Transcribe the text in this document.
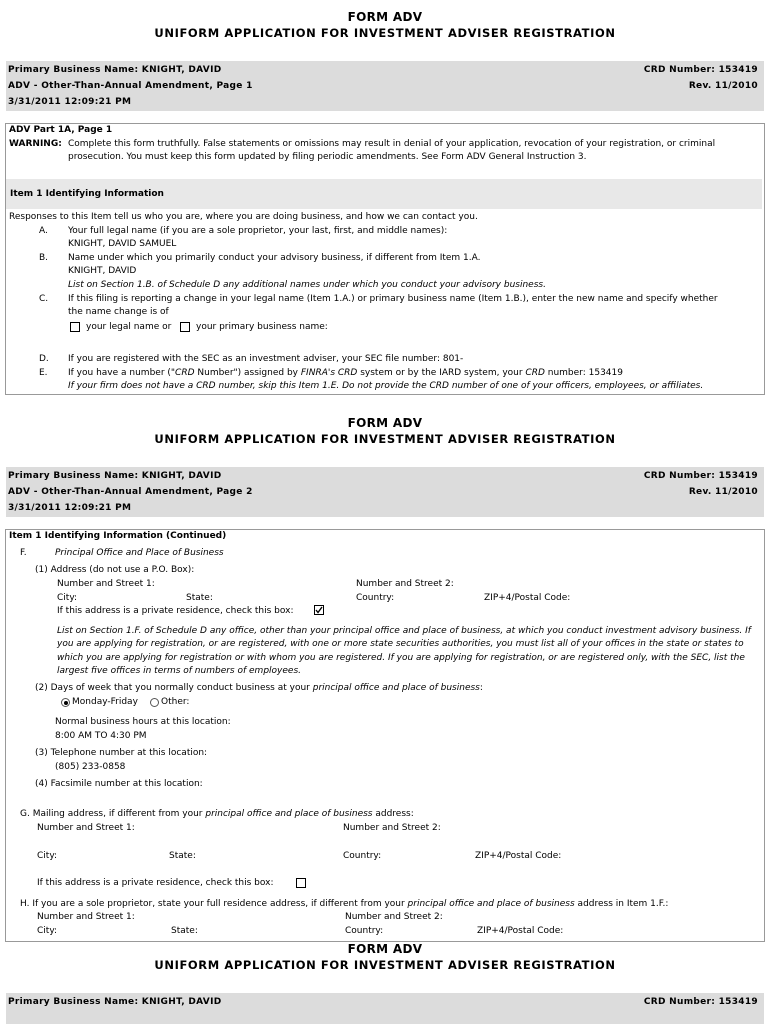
FORM ADV
UNIFORM APPLICATION FOR INVESTMENT ADVISER REGISTRATION
Primary Business Name: KNIGHT, DAVID	CRD Number: 153419
ADV - Other-Than-Annual Amendment, Page 1	Rev. 11/2010
3/31/2011 12:09:21 PM
ADV Part 1A, Page 1
WARNING: Complete this form truthfully. False statements or omissions may result in denial of your application, revocation of your registration, or criminal
prosecution. You must keep this form updated by filing periodic amendments. See Form ADV General Instruction 3.
Item 1 Identifying Information
Responses to this Item tell us who you are, where you are doing business, and how we can contact you.
A. Your full legal name (if you are a sole proprietor, your last, first, and middle names):
KNIGHT, DAVID SAMUEL
B. Name under which you primarily conduct your advisory business, if different from Item 1.A.
KNIGHT, DAVID
List on Section 1.B. of Schedule D any additional names under which you conduct your advisory business.
C. If this filing is reporting a change in your legal name (Item 1.A.) or primary business name (Item 1.B.), enter the new name and specify whether
the name change is of
your legal name or	your primary business name:
D. If you are registered with the SEC as an investment adviser, your SEC file number: 801-
E. If you have a number ("CRD Number") assigned by FINRA's CRD system or by the IARD system, your CRD number: 153419
If your firm does not have a CRD number, skip this Item 1.E. Do not provide the CRD number of one of your officers, employees, or affiliates.
FORM ADV
UNIFORM APPLICATION FOR INVESTMENT ADVISER REGISTRATION
Primary Business Name: KNIGHT, DAVID	CRD Number: 153419
ADV - Other-Than-Annual Amendment, Page 2	Rev. 11/2010
3/31/2011 12:09:21 PM
Item 1 Identifying Information (Continued)
F.	Principal Office and Place of Business
(1) Address (do not use a P.O. Box):
Number and Street 1:	Number and Street 2:
City:	State:	Country:	ZIP+4/Postal Code:
If this address is a private residence, check this box:
List on Section 1.F. of Schedule D any office, other than your principal office and place of business, at which you conduct investment advisory business. If
you are applying for registration, or are registered, with one or more state securities authorities, you must list all of your offices in the state or states to
which you are applying for registration or with whom you are registered. If you are applying for registration, or are registered only, with the SEC, list the
largest five offices in terms of numbers of employees.
(2) Days of week that you normally conduct business at your principal office and place of business:
Monday-Friday	Other:
Normal business hours at this location:
8:00 AM TO 4:30 PM
(3) Telephone number at this location:
(805) 233-0858
(4) Facsimile number at this location:
G. Mailing address, if different from your principal office and place of business address:
Number and Street 1:	Number and Street 2:
City:	State:	Country:	ZIP+4/Postal Code:
If this address is a private residence, check this box:
H. If you are a sole proprietor, state your full residence address, if different from your principal office and place of business address in Item 1.F.:
Number and Street 1:	Number and Street 2:
City:	State:	Country:	ZIP+4/Postal Code:
FORM ADV
UNIFORM APPLICATION FOR INVESTMENT ADVISER REGISTRATION
Primary Business Name: KNIGHT, DAVID	CRD Number: 153419
